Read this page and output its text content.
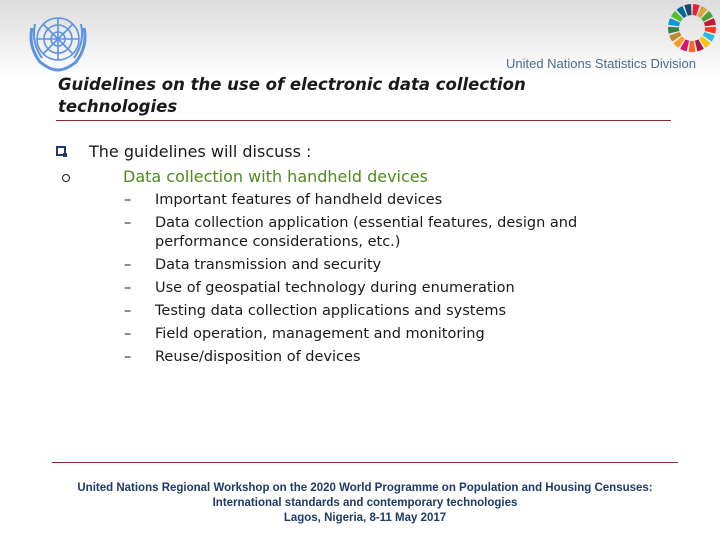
United Nations Statistics Division
Guidelines on the use of electronic data collection technologies
The guidelines will discuss :
Data collection with handheld devices
– Important features of handheld devices
– Data collection application (essential features, design and performance considerations, etc.)
– Data transmission and security
– Use of geospatial technology during enumeration
– Testing data collection applications and systems
– Field operation, management and monitoring
– Reuse/disposition of devices
United Nations Regional Workshop on the 2020 World Programme on Population and Housing Censuses:
International standards and contemporary technologies
Lagos, Nigeria, 8-11 May 2017
